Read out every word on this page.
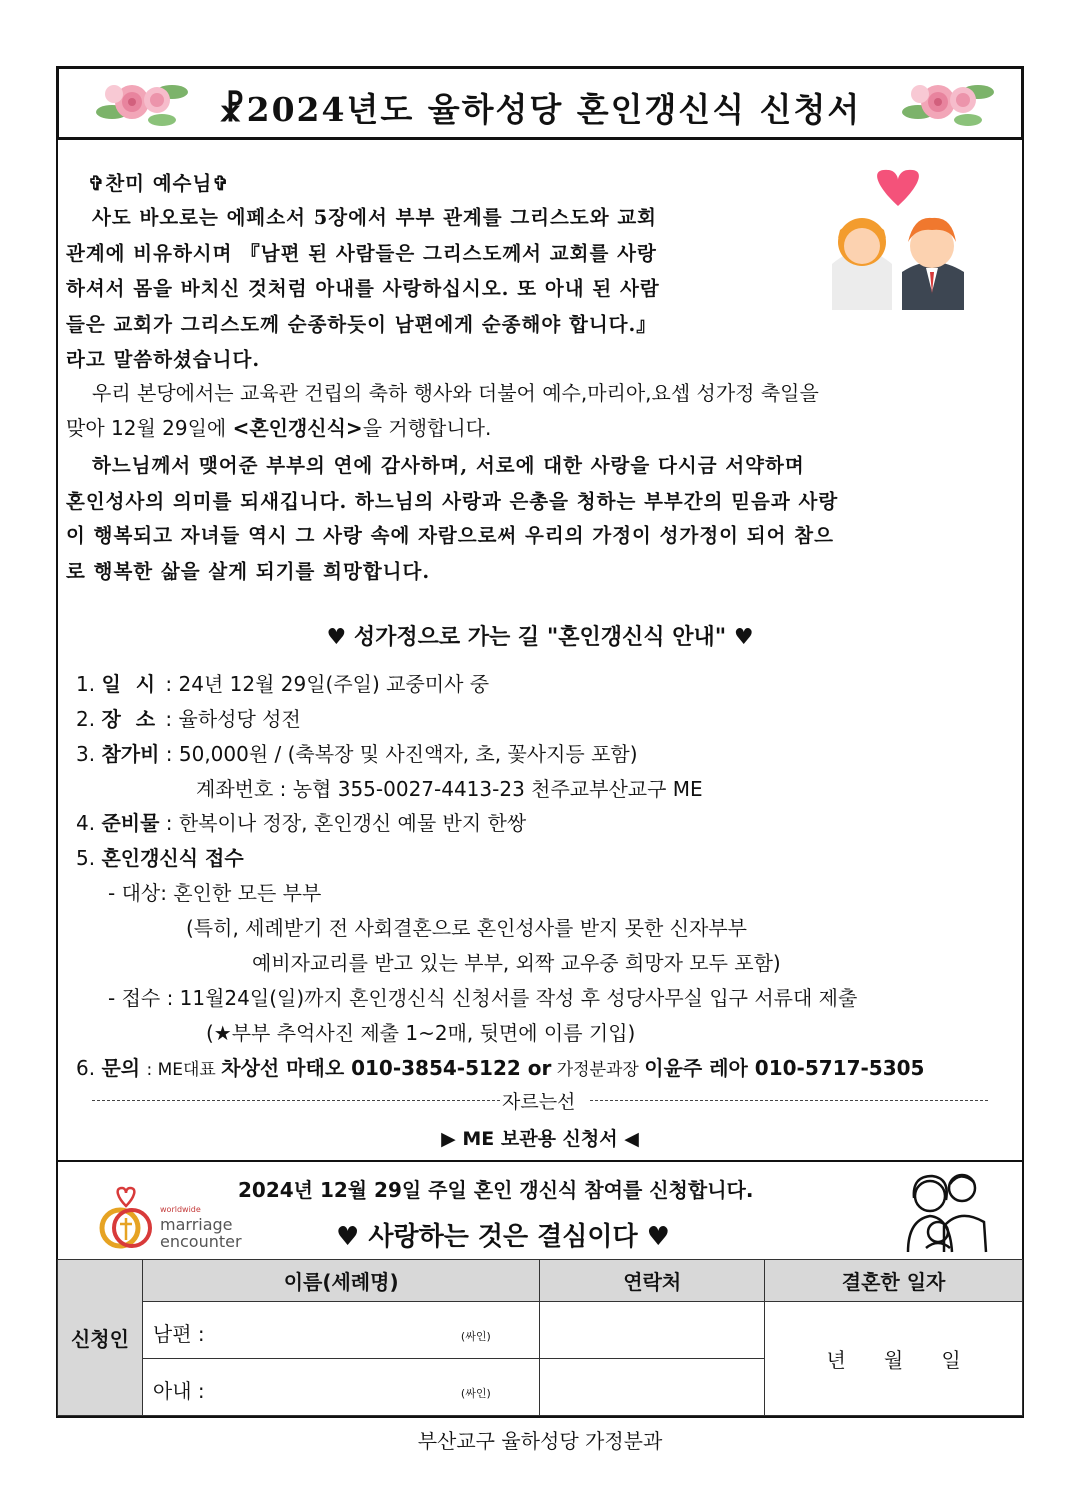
☧2024년도 율하성당 혼인갱신식 신청서
✞찬미 예수님✞
사도 바오로는 에페소서 5장에서 부부 관계를 그리스도와 교회
관계에 비유하시며 『남편 된 사람들은 그리스도께서 교회를 사랑
하셔서 몸을 바치신 것처럼 아내를 사랑하십시오. 또 아내 된 사람
들은 교회가 그리스도께 순종하듯이 남편에게 순종해야 합니다.』
라고 말씀하셨습니다.
우리 본당에서는 교육관 건립의 축하 행사와 더불어 예수,마리아,요셉 성가정 축일을
맞아 12월 29일에 <혼인갱신식>을 거행합니다.
하느님께서 맺어준 부부의 연에 감사하며, 서로에 대한 사랑을 다시금 서약하며
혼인성사의 의미를 되새깁니다. 하느님의 사랑과 은총을 청하는 부부간의 믿음과 사랑
이 행복되고 자녀들 역시 그 사랑 속에 자람으로써 우리의 가정이 성가정이 되어 참으
로 행복한 삶을 살게 되기를 희망합니다.
♥ 성가정으로 가는 길 "혼인갱신식 안내" ♥
1. 일 시 : 24년 12월 29일(주일) 교중미사 중
2. 장 소 : 율하성당 성전
3. 참가비 : 50,000원 / (축복장 및 사진액자, 초, 꽃사지등 포함)
계좌번호 : 농협 355-0027-4413-23 천주교부산교구 ME
4. 준비물 : 한복이나 정장, 혼인갱신 예물 반지 한쌍
5. 혼인갱신식 접수
- 대상: 혼인한 모든 부부
(특히, 세례받기 전 사회결혼으로 혼인성사를 받지 못한 신자부부
예비자교리를 받고 있는 부부, 외짝 교우중 희망자 모두 포함)
- 접수 : 11월24일(일)까지 혼인갱신식 신청서를 작성 후 성당사무실 입구 서류대 제출
(★부부 추억사진 제출 1~2매, 뒷면에 이름 기입)
6. 문의 : ME대표 차상선 마태오 010-3854-5122 or 가정분과장 이윤주 레아 010-5717-5305
자르는선
▶ ME 보관용 신청서 ◀
worldwide
marriage
encounter
2024년 12월 29일 주일 혼인 갱신식 참여를 신청합니다.
♥ 사랑하는 것은 결심이다 ♥
신청인	이름(세례명)	연락처	결혼한 일자

	남편 : (싸인)		년      월      일

	아내 : (싸인)		

부산교구 율하성당 가정분과
